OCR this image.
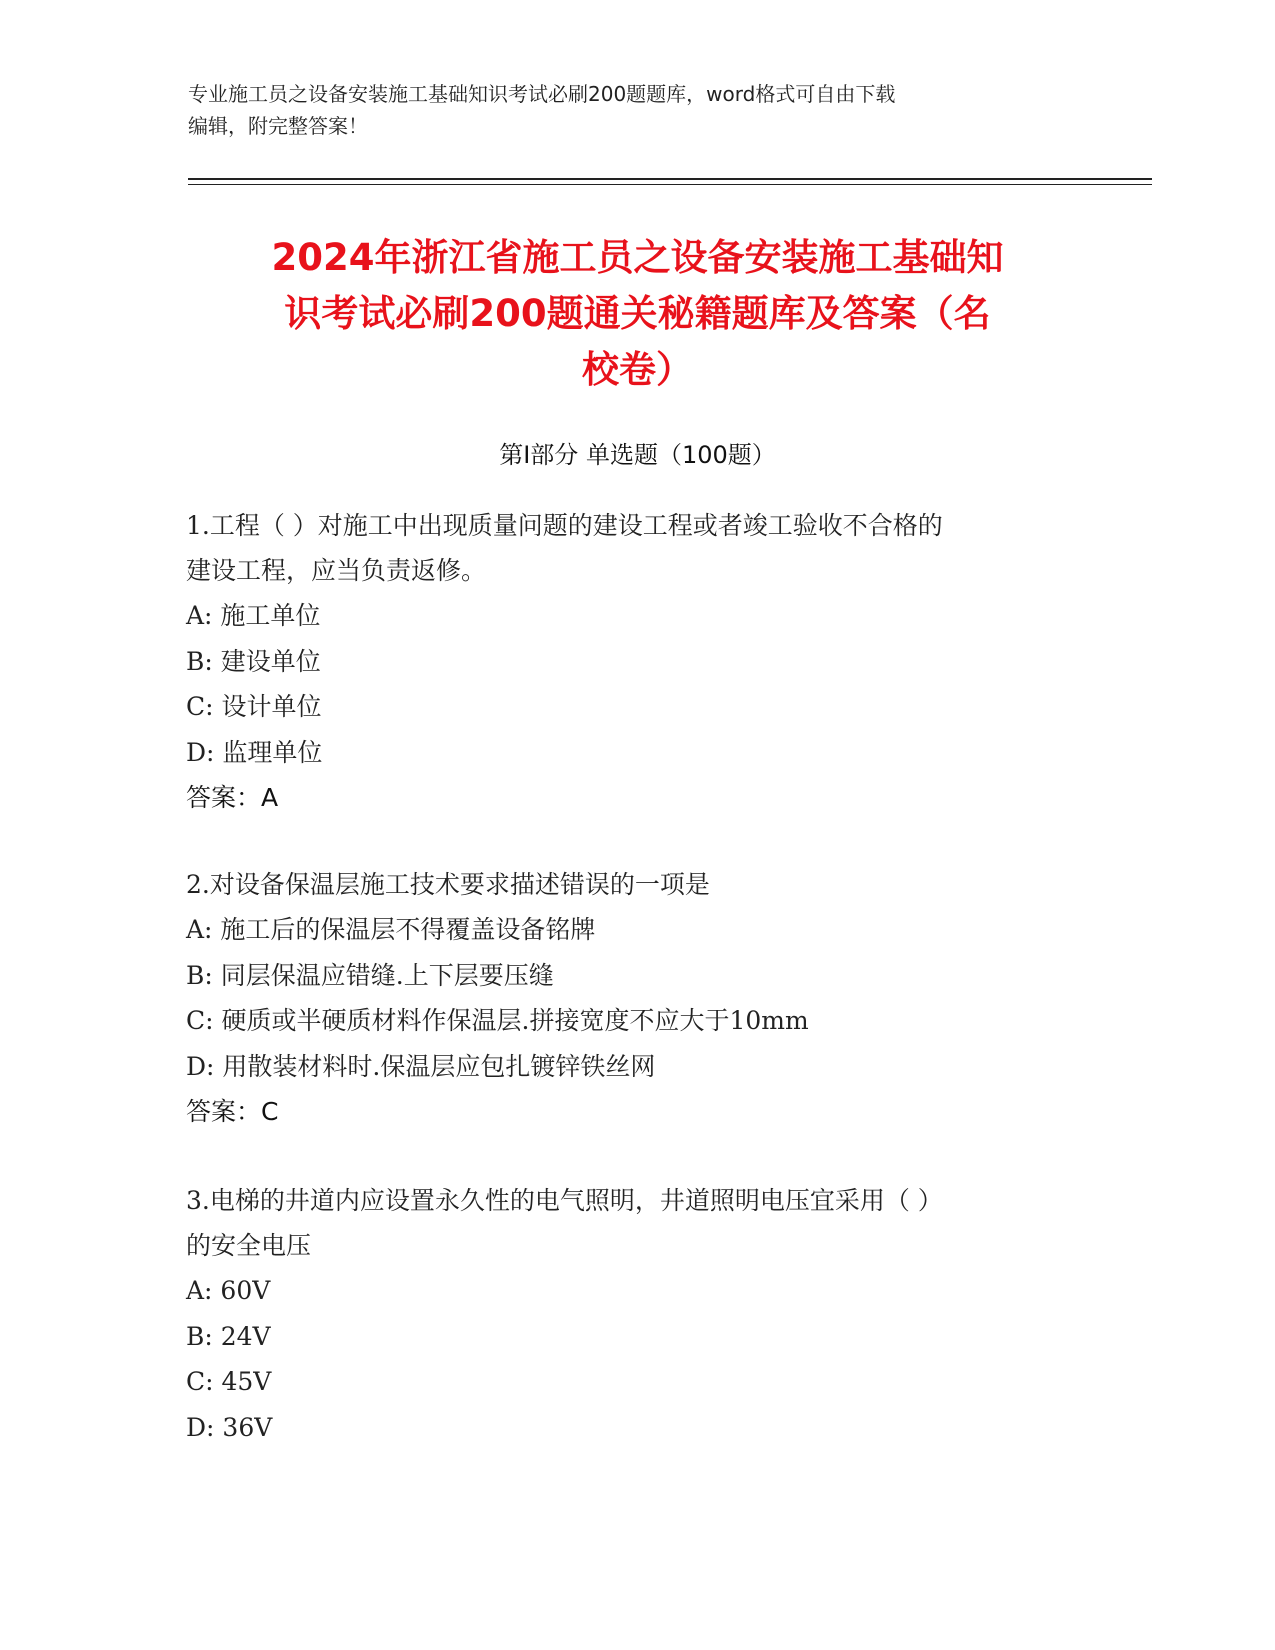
专业施工员之设备安装施工基础知识考试必刷200题题库，word格式可自由下载
编辑，附完整答案！
2024年浙江省施工员之设备安装施工基础知
识考试必刷200题通关秘籍题库及答案（名
校卷）
第Ⅰ部分 单选题（100题）
1.工程（ ）对施工中出现质量问题的建设工程或者竣工验收不合格的
建设工程，应当负责返修。
A: 施工单位
B: 建设单位
C: 设计单位
D: 监理单位
答案：A
2.对设备保温层施工技术要求描述错误的一项是
A: 施工后的保温层不得覆盖设备铭牌
B: 同层保温应错缝.上下层要压缝
C: 硬质或半硬质材料作保温层.拼接宽度不应大于10mm
D: 用散装材料时.保温层应包扎镀锌铁丝网
答案：C
3.电梯的井道内应设置永久性的电气照明，井道照明电压宜采用（ ）
的安全电压
A: 60V
B: 24V
C: 45V
D: 36V
